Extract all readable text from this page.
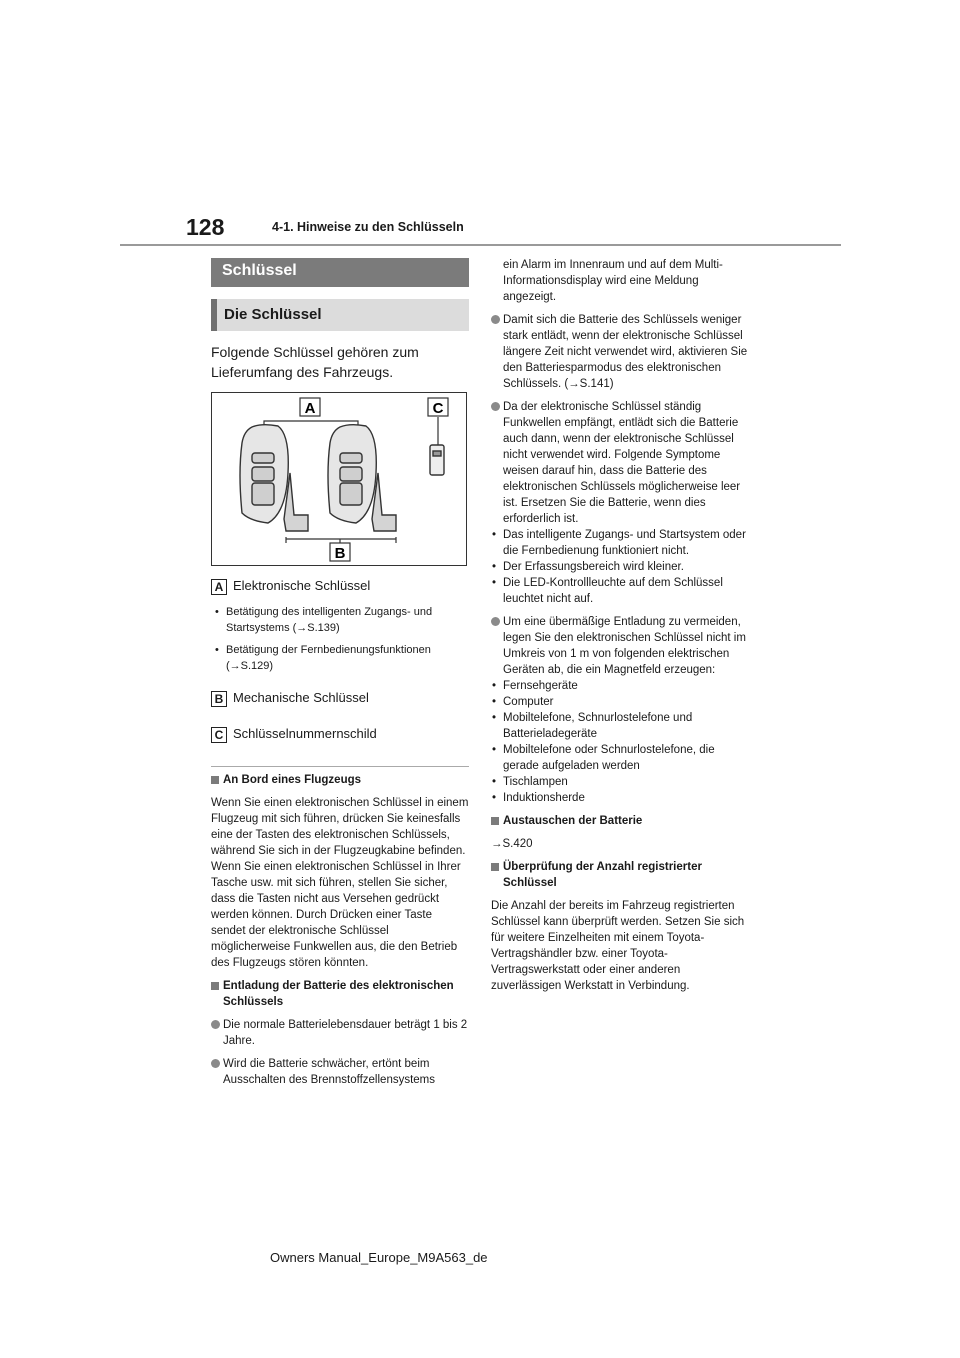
128	4-1. Hinweise zu den Schlüsseln
Schlüssel
Die Schlüssel
Folgende Schlüssel gehören zum Lieferumfang des Fahrzeugs.
A	C
B
A Elektronische Schlüssel
• Betätigung des intelligenten Zugangs- und Startsystems (→S.139)
• Betätigung der Fernbedienungsfunktionen (→S.129)
B Mechanische Schlüssel
C Schlüsselnummernschild

An Bord eines Flugzeugs

Wenn Sie einen elektronischen Schlüssel in einem Flugzeug mit sich führen, drücken Sie keinesfalls eine der Tasten des elektronischen Schlüssels, während Sie sich in der Flugzeugkabine befinden. Wenn Sie einen elektronischen Schlüssel in Ihrer Tasche usw. mit sich führen, stellen Sie sicher, dass die Tasten nicht aus Versehen gedrückt werden können. Durch Drücken einer Taste sendet der elektronische Schlüssel möglicherweise Funkwellen aus, die den Betrieb des Flugzeugs stören könnten.

Entladung der Batterie des elektronischen Schlüssels

Die normale Batterielebensdauer beträgt 1 bis 2 Jahre.

Wird die Batterie schwächer, ertönt beim Ausschalten des Brennstoffzellensystems

ein Alarm im Innenraum und auf dem Multi-Informationsdisplay wird eine Meldung angezeigt.

Damit sich die Batterie des Schlüssels weniger stark entlädt, wenn der elektronische Schlüssel längere Zeit nicht verwendet wird, aktivieren Sie den Batteriesparmodus des elektronischen Schlüssels. (→S.141)

Da der elektronische Schlüssel ständig Funkwellen empfängt, entlädt sich die Batterie auch dann, wenn der elektronische Schlüssel nicht verwendet wird. Folgende Symptome weisen darauf hin, dass die Batterie des elektronischen Schlüssels möglicherweise leer ist. Ersetzen Sie die Batterie, wenn dies erforderlich ist.

• Das intelligente Zugangs- und Startsystem oder die Fernbedienung funktioniert nicht.

• Der Erfassungsbereich wird kleiner.

• Die LED-Kontrollleuchte auf dem Schlüssel leuchtet nicht auf.

Um eine übermäßige Entladung zu vermeiden, legen Sie den elektronischen Schlüssel nicht im Umkreis von 1 m von folgenden elektrischen Geräten ab, die ein Magnetfeld erzeugen:

• Fernsehgeräte

• Computer

• Mobiltelefone, Schnurlostelefone und Batterieladegeräte

• Mobiltelefone oder Schnurlostelefone, die gerade aufgeladen werden

• Tischlampen

• Induktionsherde

Austauschen der Batterie

→S.420

Überprüfung der Anzahl registrierter Schlüssel

Die Anzahl der bereits im Fahrzeug registrierten Schlüssel kann überprüft werden. Setzen Sie sich für weitere Einzelheiten mit einem Toyota-Vertragshändler bzw. einer Toyota-Vertragswerkstatt oder einer anderen zuverlässigen Werkstatt in Verbindung.

Owners Manual_Europe_M9A563_de
